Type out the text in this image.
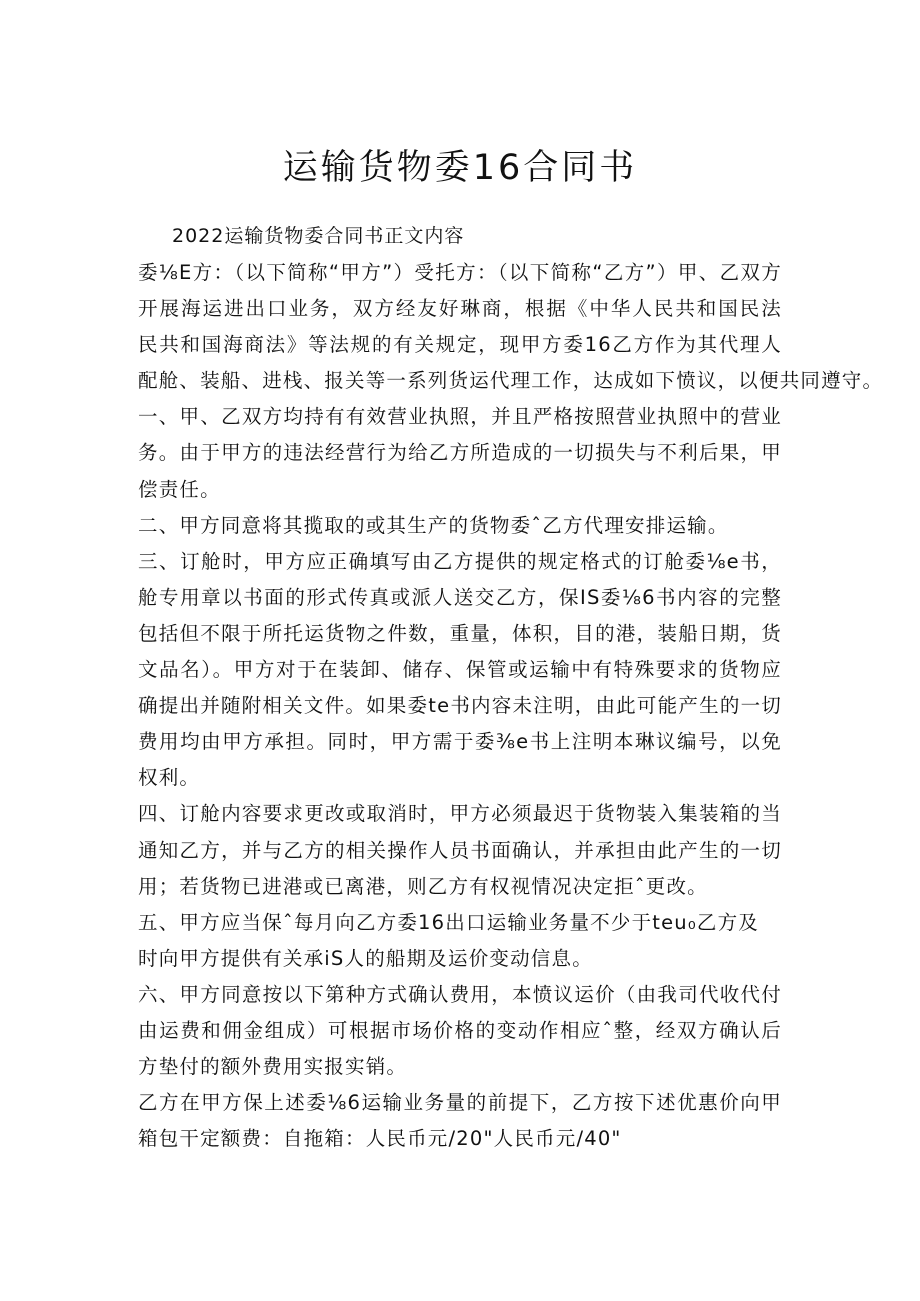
运输货物委16合同书
2022运输货物委合同书正文内容
委⅛E方：（以下简称“甲方”）受托方：（以下简称“乙方”）甲、乙双方
开展海运进出口业务，双方经友好琳商，根据《中华人民共和国民法
民共和国海商法》等法规的有关规定，现甲方委16乙方作为其代理人
配舱、装船、进栈、报关等一系列货运代理工作，达成如下愤议，以便共同遵守。
一、甲、乙双方均持有有效营业执照，并且严格按照营业执照中的营业
务。由于甲方的违法经营行为给乙方所造成的一切损失与不利后果，甲
偿责任。
二、甲方同意将其揽取的或其生产的货物委ˆ乙方代理安排运输。
三、订舱时，甲方应正确填写由乙方提供的规定格式的订舱委⅛e书，
舱专用章以书面的形式传真或派人送交乙方，保IS委⅛6书内容的完整
包括但不限于所托运货物之件数，重量，体积，目的港，装船日期，货
文品名）。甲方对于在装卸、储存、保管或运输中有特殊要求的货物应
确提出并随附相关文件。如果委te书内容未注明，由此可能产生的一切
费用均由甲方承担。同时，甲方需于委⅜e书上注明本琳议编号，以免
权利。
四、订舱内容要求更改或取消时，甲方必须最迟于货物装入集装箱的当
通知乙方，并与乙方的相关操作人员书面确认，并承担由此产生的一切
用；若货物已进港或已离港，则乙方有权视情况决定拒ˆ更改。
五、甲方应当保ˆ每月向乙方委16出口运输业务量不少于teu₀乙方及
时向甲方提供有关承iS人的船期及运价变动信息。
六、甲方同意按以下第种方式确认费用，本愤议运价（由我司代收代付
由运费和佣金组成）可根据市场价格的变动作相应ˆ整，经双方确认后
方垫付的额外费用实报实销。
乙方在甲方保上述委⅛6运输业务量的前提下，乙方按下述优惠价向甲
箱包干定额费：自拖箱：人民币元/20"人民币元/40"
